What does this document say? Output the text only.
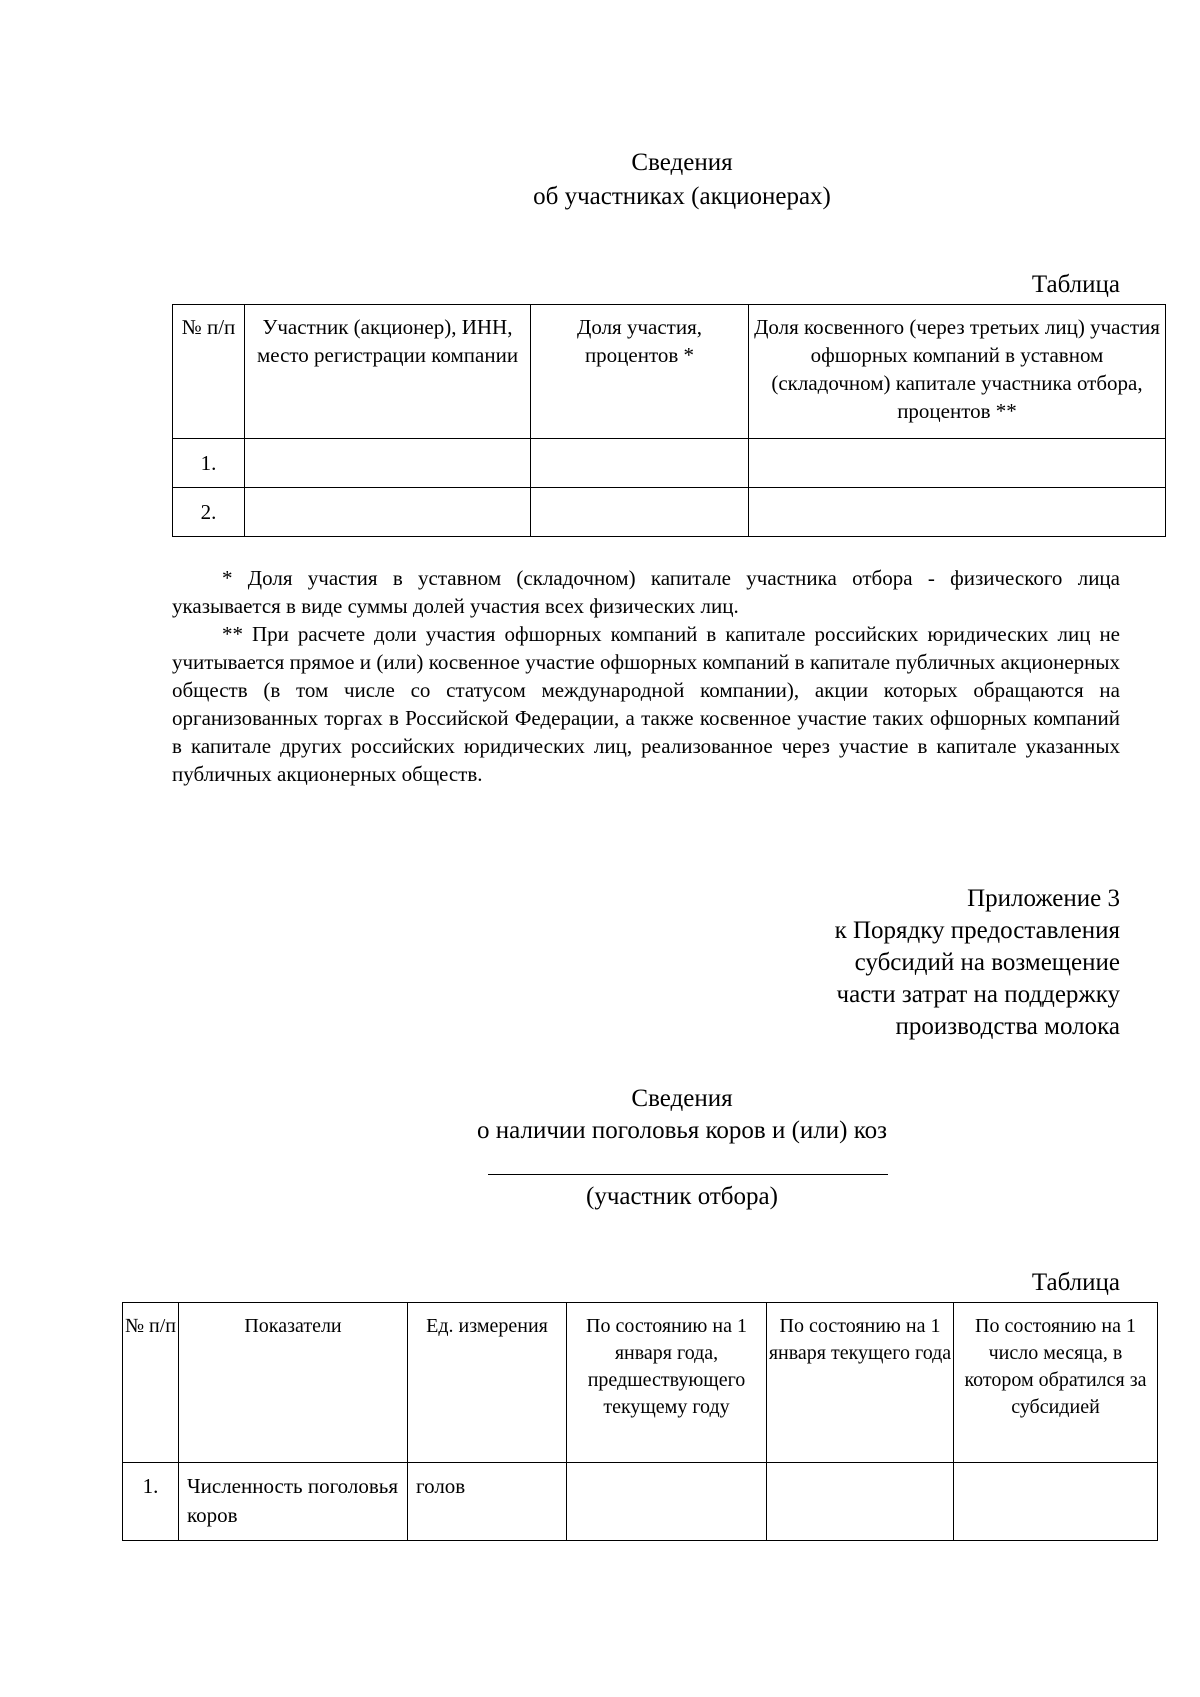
Сведения
об участниках (акционерах)
Таблица
№ п/п	Участник (акционер), ИНН, место регистрации компании	Доля участия, процентов *	Доля косвенного (через третьих лиц) участия офшорных компаний в уставном (складочном) капитале участника отбора, процентов **
1.			
2.			

* Доля участия в уставном (складочном) капитале участника отбора - физического лица указывается в виде суммы долей участия всех физических лиц.

** При расчете доли участия офшорных компаний в капитале российских юридических лиц не учитывается прямое и (или) косвенное участие офшорных компаний в капитале публичных акционерных обществ (в том числе со статусом международной компании), акции которых обращаются на организованных торгах в Российской Федерации, а также косвенное участие таких офшорных компаний в капитале других российских юридических лиц, реализованное через участие в капитале указанных публичных акционерных обществ.

Приложение 3
к Порядку предоставления
субсидий на возмещение
части затрат на поддержку
производства молока
Сведения
о наличии поголовья коров и (или) коз
(участник отбора)
Таблица
№ п/п	Показатели	Ед. измерения	По состоянию на 1 января года, предшествующего текущему году	По состоянию на 1 января текущего года	По состоянию на 1 число месяца, в котором обратился за субсидией
1.	Численность поголовья коров	голов			
